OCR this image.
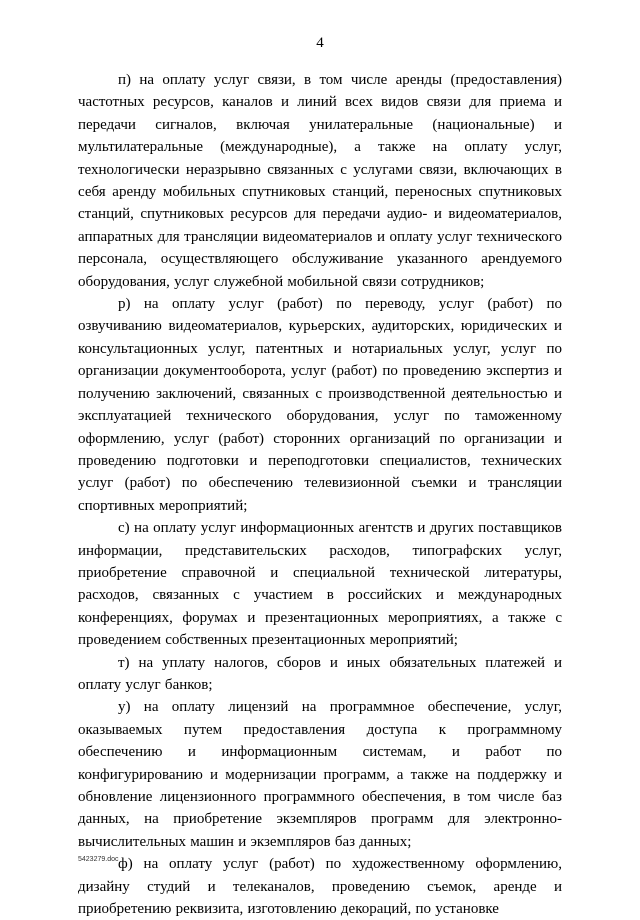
4

п) на оплату услуг связи, в том числе аренды (предоставления) частотных ресурсов, каналов и линий всех видов связи для приема и передачи сигналов, включая унилатеральные (национальные) и мультилатеральные (международные), а также на оплату услуг, технологически неразрывно связанных с услугами связи, включающих в себя аренду мобильных спутниковых станций, переносных спутниковых станций, спутниковых ресурсов для передачи аудио- и видеоматериалов, аппаратных для трансляции видеоматериалов и оплату услуг технического персонала, осуществляющего обслуживание указанного арендуемого оборудования, услуг служебной мобильной связи сотрудников;

р) на оплату услуг (работ) по переводу, услуг (работ) по озвучиванию видеоматериалов, курьерских, аудиторских, юридических и консультационных услуг, патентных и нотариальных услуг, услуг по организации документооборота, услуг (работ) по проведению экспертиз и получению заключений, связанных с производственной деятельностью и эксплуатацией технического оборудования, услуг по таможенному оформлению, услуг (работ) сторонних организаций по организации и проведению подготовки и переподготовки специалистов, технических услуг (работ) по обеспечению телевизионной съемки и трансляции спортивных мероприятий;

с) на оплату услуг информационных агентств и других поставщиков информации, представительских расходов, типографских услуг, приобретение справочной и специальной технической литературы, расходов, связанных с участием в российских и международных конференциях, форумах и презентационных мероприятиях, а также с проведением собственных презентационных мероприятий;

т) на уплату налогов, сборов и иных обязательных платежей и оплату услуг банков;

у) на оплату лицензий на программное обеспечение, услуг, оказываемых путем предоставления доступа к программному обеспечению и информационным системам, и работ по конфигурированию и модернизации программ, а также на поддержку и обновление лицензионного программного обеспечения, в том числе баз данных, на приобретение экземпляров программ для электронно-вычислительных машин и экземпляров баз данных;

ф) на оплату услуг (работ) по художественному оформлению, дизайну студий и телеканалов, проведению съемок, аренде и приобретению реквизита, изготовлению декораций, по установке

5423279.doc
